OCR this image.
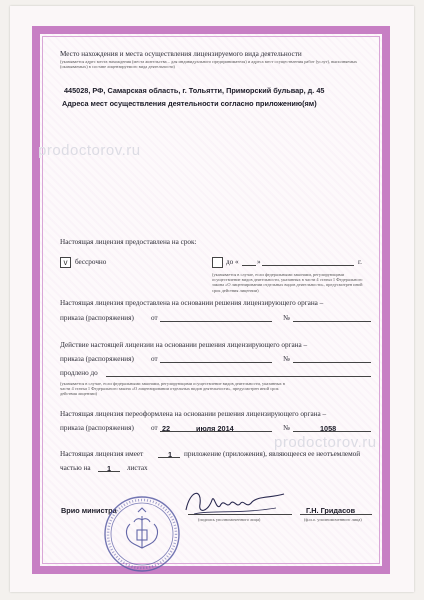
Место нахождения и места осуществления лицензируемого вида деятельности
(указывается адрес места нахождения (места жительства – для индивидуального предпринимателя) и адреса мест осуществления работ (услуг), выполняемых (оказываемых) в составе лицензируемого вида деятельности)
445028, РФ, Самарская область, г. Тольятти, Приморский бульвар, д. 45
Адреса мест осуществления деятельности согласно приложению(ям)
prodoctorov.ru
prodoctorov.ru
Настоящая лицензия предоставлена на срок:
v	бессрочно	до «	»	г.
(указывается в случае, если федеральными законами, регулирующими осуществление видов деятельности, указанных в части 4 статьи 1 Федерального закона «О лицензировании отдельных видов деятельности», предусмотрен иной срок действия лицензии)
Настоящая лицензия предоставлена на основании решения лицензирующего органа –
приказа (распоряжения) от	№
Действие настоящей лицензии на основании решения лицензирующего органа –
приказа (распоряжения) от	№
продлено до
(указывается в случае, если федеральными законами, регулирующими осуществление видов деятельности, указанных в части 4 статьи 1 Федерального закона «О лицензировании отдельных видов деятельности», предусмотрен иной срок действия лицензии)
Настоящая лицензия переоформлена на основании решения лицензирующего органа –
приказа (распоряжения) от 22	июля 2014	№	1058
Настоящая лицензия имеет	1 приложение (приложения), являющееся ее неотъемлемой
частью на 1 листах
Врио министра
(подпись уполномоченного лица)
Г.Н. Гридасов
(ф.и.о. уполномоченного лица)
